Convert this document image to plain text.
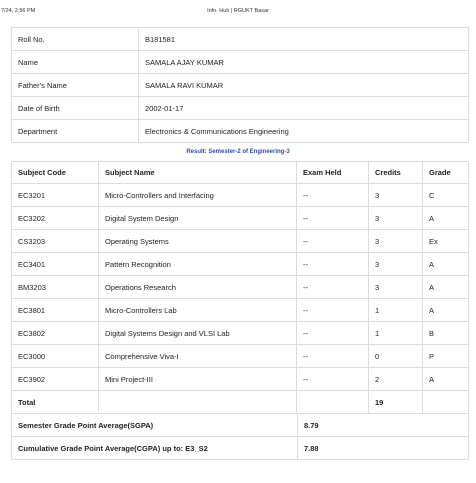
7/24, 2:56 PM	Info. Hub | RGUKT Basar
Roll No.	B181581
Name	SAMALA AJAY KUMAR
Father's Name	SAMALA RAVI KUMAR
Date of Birth	2002-01-17
Department	Electronics & Communications Engineering
Result: Semester-2 of Engineering-3
Subject Code	Subject Name	Exam Held	Credits	Grade
EC3201	Micro-Controllers and Interfacing	--	3	C
EC3202	Digital System Design	--	3	A
CS3203	Operating Systems	--	3	Ex
EC3401	Pattern Recognition	--	3	A
BM3203	Operations Research	--	3	A
EC3801	Micro-Controllers Lab	--	1	A
EC3802	Digital Systems Design and VLSI Lab	--	1	B
EC3000	Comprehensive Viva-I	--	0	P
EC3902	Mini Project-III	--	2	A
Total			19	
Semester Grade Point Average(SGPA)	8.79
Cumulative Grade Point Average(CGPA) up to: E3_S2	7.88
